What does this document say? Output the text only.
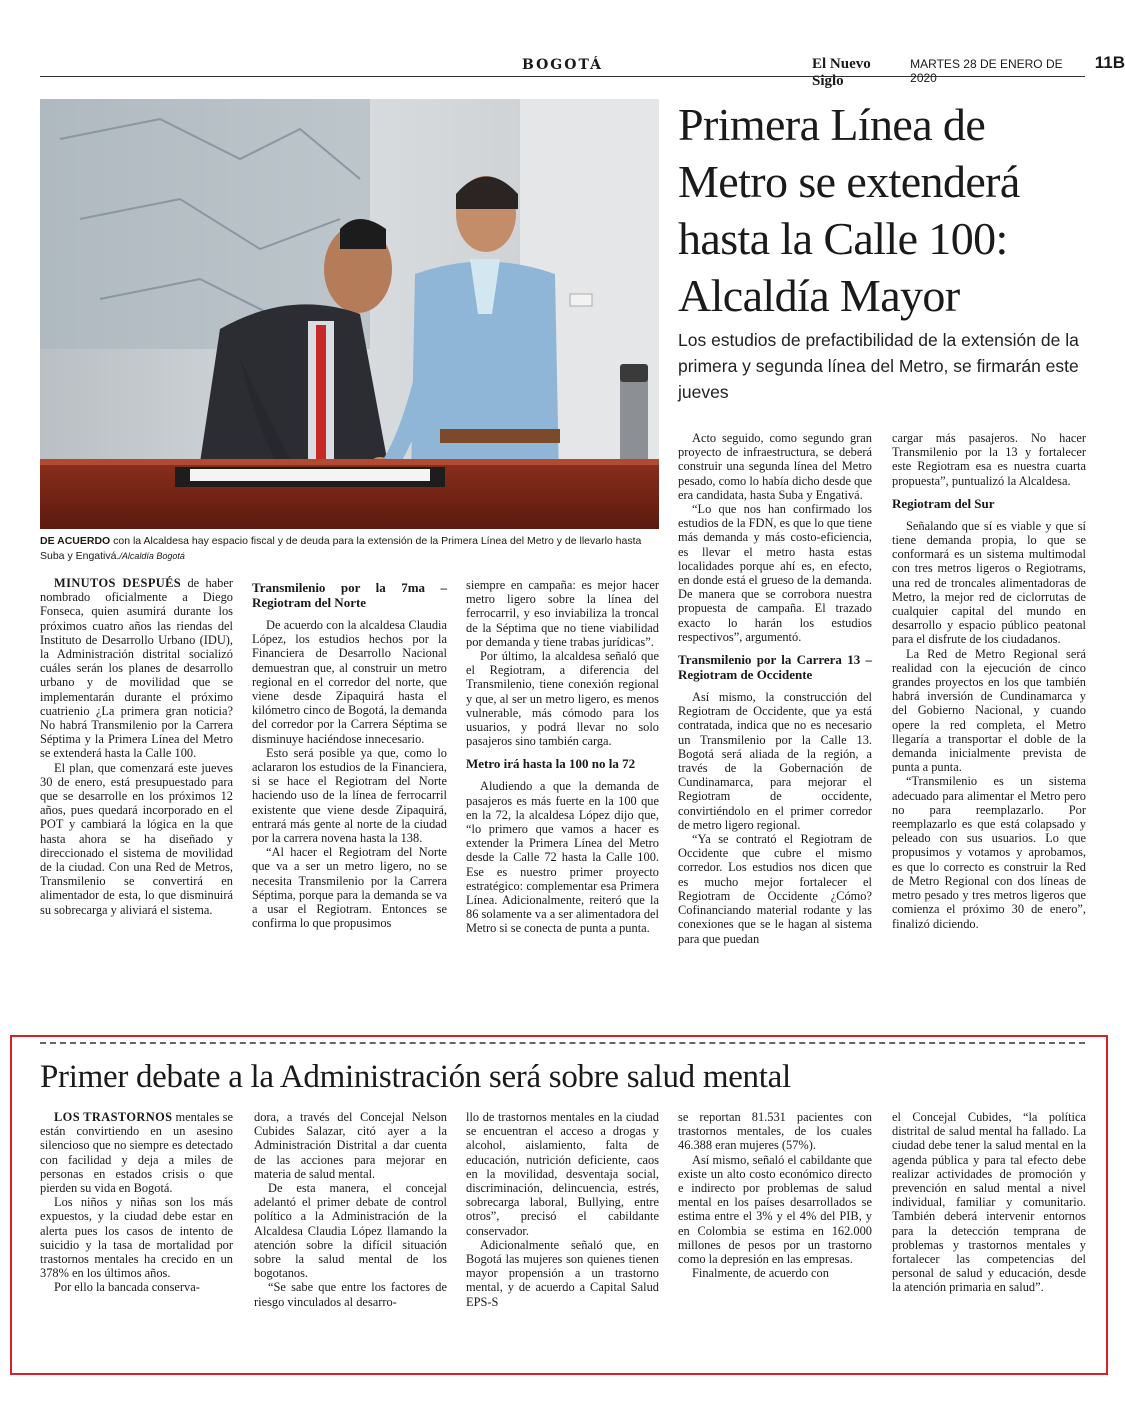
BOGOTÁ	El Nuevo Siglo
MARTES 28 DE ENERO DE 2020
11B
DE ACUERDO con la Alcaldesa hay espacio fiscal y de deuda para la extensión de la Primera Línea del Metro y de llevarlo hasta Suba y Engativá./Alcaldía Bogotá
Primera Línea de Metro se extenderá hasta la Calle 100: Alcaldía Mayor

Los estudios de prefactibilidad de la extensión de la primera y segunda línea del Metro, se firmarán este jueves

MINUTOS DESPUÉS de haber nombrado oficialmente a Diego Fonseca, quien asumirá durante los próximos cuatro años las riendas del Instituto de Desarrollo Urbano (IDU), la Administración distrital socializó cuáles serán los planes de desarrollo urbano y de movilidad que se implementarán durante el próximo cuatrienio ¿La primera gran noticia? No habrá Transmilenio por la Carrera Séptima y la Primera Línea del Metro se extenderá hasta la Calle 100.

El plan, que comenzará este jueves 30 de enero, está presupuestado para que se desarrolle en los próximos 12 años, pues quedará incorporado en el POT y cambiará la lógica en la que hasta ahora se ha diseñado y direccionado el sistema de movilidad de la ciudad. Con una Red de Metros, Transmilenio se convertirá en alimentador de esta, lo que disminuirá su sobrecarga y aliviará el sistema.

Transmilenio por la 7ma – Regiotram del Norte

De acuerdo con la alcaldesa Claudia López, los estudios hechos por la Financiera de Desarrollo Nacional demuestran que, al construir un metro regional en el corredor del norte, que viene desde Zipaquirá hasta el kilómetro cinco de Bogotá, la demanda del corredor por la Carrera Séptima se disminuye haciéndose innecesario.

Esto será posible ya que, como lo aclararon los estudios de la Financiera, si se hace el Regiotram del Norte haciendo uso de la línea de ferrocarril existente que viene desde Zipaquirá, entrará más gente al norte de la ciudad por la carrera novena hasta la 138.

“Al hacer el Regiotram del Norte que va a ser un metro ligero, no se necesita Transmilenio por la Carrera Séptima, porque para la demanda se va a usar el Regiotram. Entonces se confirma lo que propusimos

siempre en campaña: es mejor hacer metro ligero sobre la línea del ferrocarril, y eso inviabiliza la troncal de la Séptima que no tiene viabilidad por demanda y tiene trabas jurídicas”.

Por último, la alcaldesa señaló que el Regiotram, a diferencia del Transmilenio, tiene conexión regional y que, al ser un metro ligero, es menos vulnerable, más cómodo para los usuarios, y podrá llevar no solo pasajeros sino también carga.

Metro irá hasta la 100 no la 72

Aludiendo a que la demanda de pasajeros es más fuerte en la 100 que en la 72, la alcaldesa López dijo que, “lo primero que vamos a hacer es extender la Primera Línea del Metro desde la Calle 72 hasta la Calle 100. Ese es nuestro primer proyecto estratégico: complementar esa Primera Línea. Adicionalmente, reiteró que la 86 solamente va a ser alimentadora del Metro si se conecta de punta a punta.

Acto seguido, como segundo gran proyecto de infraestructura, se deberá construir una segunda línea del Metro pesado, como lo había dicho desde que era candidata, hasta Suba y Engativá.

“Lo que nos han confirmado los estudios de la FDN, es que lo que tiene más demanda y más costo-eficiencia, es llevar el metro hasta estas localidades porque ahí es, en efecto, en donde está el grueso de la demanda. De manera que se corrobora nuestra propuesta de campaña. El trazado exacto lo harán los estudios respectivos”, argumentó.

Transmilenio por la Carrera 13 – Regiotram de Occidente

Así mismo, la construcción del Regiotram de Occidente, que ya está contratada, indica que no es necesario un Transmilenio por la Calle 13. Bogotá será aliada de la región, a través de la Gobernación de Cundinamarca, para mejorar el Regiotram de occidente, convirtiéndolo en el primer corredor de metro ligero regional.

“Ya se contrató el Regiotram de Occidente que cubre el mismo corredor. Los estudios nos dicen que es mucho mejor fortalecer el Regiotram de Occidente ¿Cómo? Cofinanciando material rodante y las conexiones que se le hagan al sistema para que puedan

cargar más pasajeros. No hacer Transmilenio por la 13 y fortalecer este Regiotram esa es nuestra cuarta propuesta”, puntualizó la Alcaldesa.

Regiotram del Sur

Señalando que sí es viable y que sí tiene demanda propia, lo que se conformará es un sistema multimodal con tres metros ligeros o Regiotrams, una red de troncales alimentadoras de Metro, la mejor red de ciclorrutas de cualquier capital del mundo en desarrollo y espacio público peatonal para el disfrute de los ciudadanos.

La Red de Metro Regional será realidad con la ejecución de cinco grandes proyectos en los que también habrá inversión de Cundinamarca y del Gobierno Nacional, y cuando opere la red completa, el Metro llegaría a transportar el doble de la demanda inicialmente prevista de punta a punta.

“Transmilenio es un sistema adecuado para alimentar el Metro pero no para reemplazarlo. Por reemplazarlo es que está colapsado y peleado con sus usuarios. Lo que propusimos y votamos y aprobamos, es que lo correcto es construir la Red de Metro Regional con dos líneas de metro pesado y tres metros ligeros que comienza el próximo 30 de enero”, finalizó diciendo.

Primer debate a la Administración será sobre salud mental

LOS TRASTORNOS mentales se están convirtiendo en un asesino silencioso que no siempre es detectado con facilidad y deja a miles de personas en estados crisis o que pierden su vida en Bogotá.

Los niños y niñas son los más expuestos, y la ciudad debe estar en alerta pues los casos de intento de suicidio y la tasa de mortalidad por trastornos mentales ha crecido en un 378% en los últimos años.

Por ello la bancada conserva-

dora, a través del Concejal Nelson Cubides Salazar, citó ayer a la Administración Distrital a dar cuenta de las acciones para mejorar en materia de salud mental.

De esta manera, el concejal adelantó el primer debate de control político a la Administración de la Alcaldesa Claudia López llamando la atención sobre la difícil situación sobre la salud mental de los bogotanos.

“Se sabe que entre los factores de riesgo vinculados al desarro-

llo de trastornos mentales en la ciudad se encuentran el acceso a drogas y alcohol, aislamiento, falta de educación, nutrición deficiente, caos en la movilidad, desventaja social, discriminación, delincuencia, estrés, sobrecarga laboral, Bullying, entre otros”, precisó el cabildante conservador.

Adicionalmente señaló que, en Bogotá las mujeres son quienes tienen mayor propensión a un trastorno mental, y de acuerdo a Capital Salud EPS-S

se reportan 81.531 pacientes con trastornos mentales, de los cuales 46.388 eran mujeres (57%).

Así mismo, señaló el cabildante que existe un alto costo económico directo e indirecto por problemas de salud mental en los países desarrollados se estima entre el 3% y el 4% del PIB, y en Colombia se estima en 162.000 millones de pesos por un trastorno como la depresión en las empresas.

Finalmente, de acuerdo con

el Concejal Cubides, “la política distrital de salud mental ha fallado. La ciudad debe tener la salud mental en la agenda pública y para tal efecto debe realizar actividades de promoción y prevención en salud mental a nivel individual, familiar y comunitario. También deberá intervenir entornos para la detección temprana de problemas y trastornos mentales y fortalecer las competencias del personal de salud y educación, desde la atención primaria en salud”.
